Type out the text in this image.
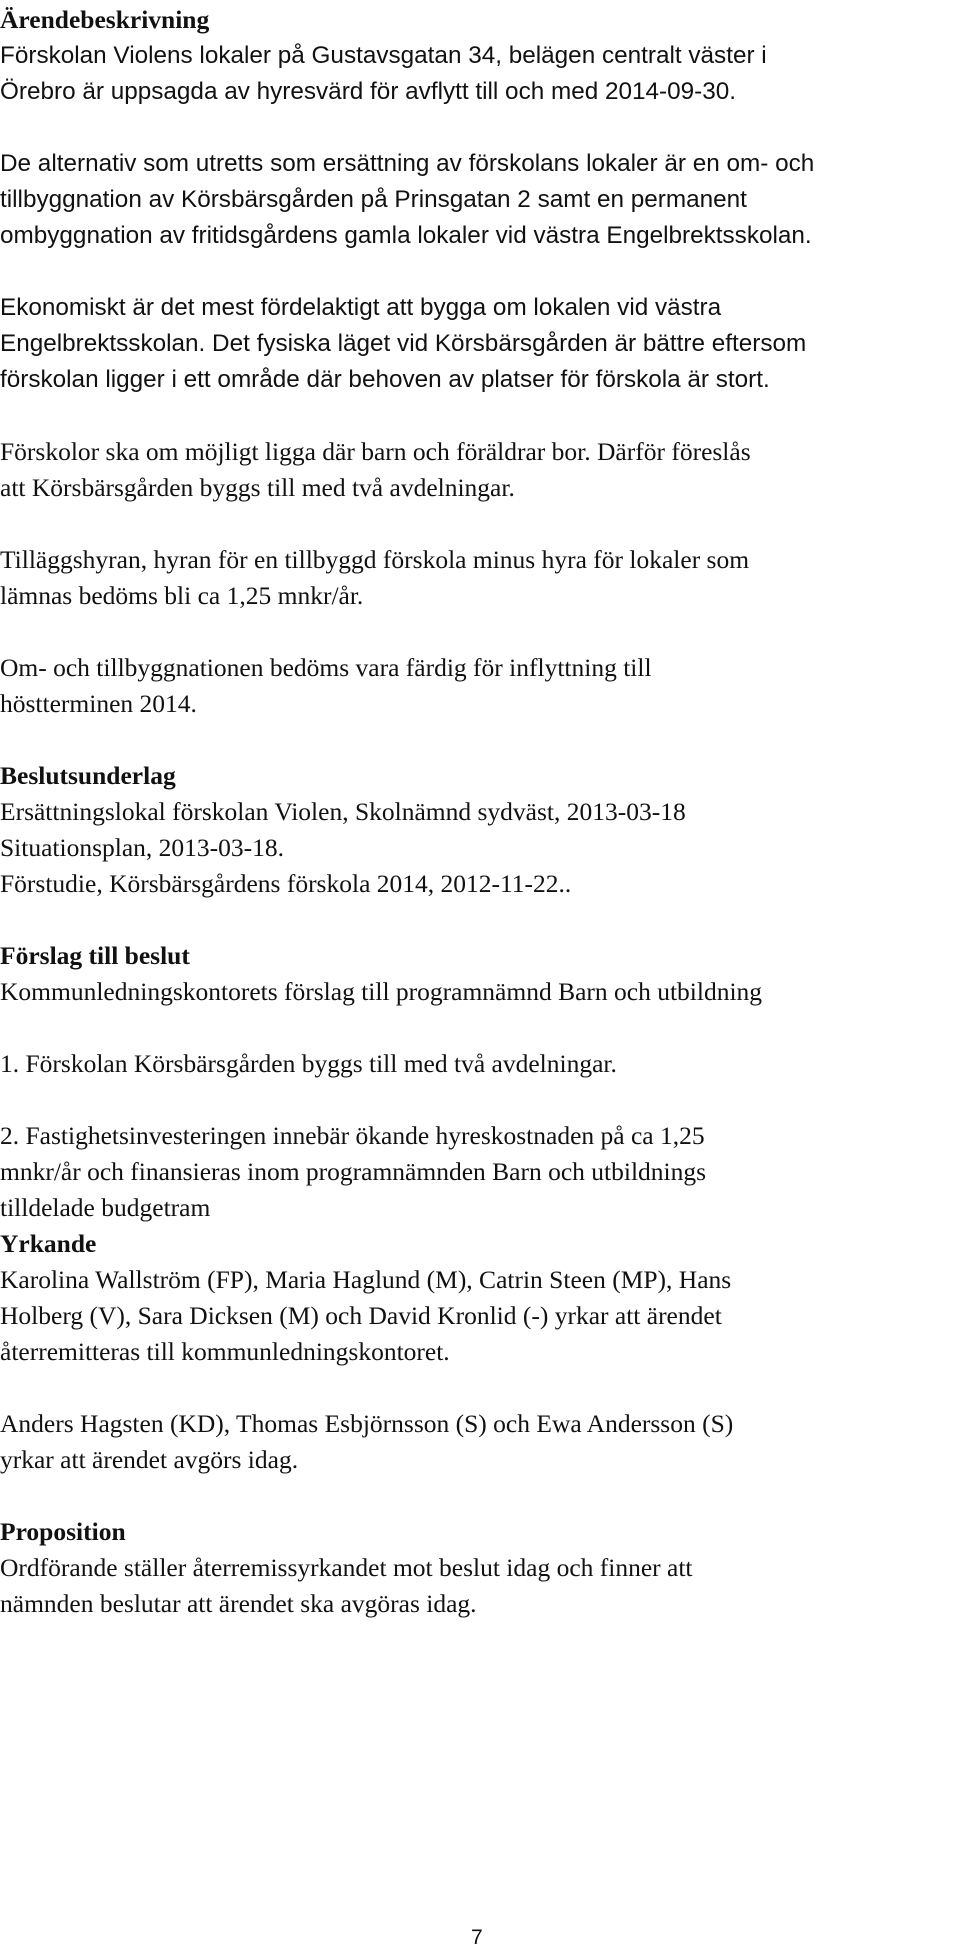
Ärendebeskrivning

Förskolan Violens lokaler på Gustavsgatan 34, belägen centralt väster i
Örebro är uppsagda av hyresvärd för avflytt till och med 2014-09-30.

De alternativ som utretts som ersättning av förskolans lokaler är en om- och
tillbyggnation av Körsbärsgården på Prinsgatan 2 samt en permanent
ombyggnation av fritidsgårdens gamla lokaler vid västra Engelbrektsskolan.

Ekonomiskt är det mest fördelaktigt att bygga om lokalen vid västra
Engelbrektsskolan. Det fysiska läget vid Körsbärsgården är bättre eftersom
förskolan ligger i ett område där behoven av platser för förskola är stort.

Förskolor ska om möjligt ligga där barn och föräldrar bor. Därför föreslås
att Körsbärsgården byggs till med två avdelningar.

Tilläggshyran, hyran för en tillbyggd förskola minus hyra för lokaler som
lämnas bedöms bli ca 1,25 mnkr/år.

Om- och tillbyggnationen bedöms vara färdig för inflyttning till
höstterminen 2014.

Beslutsunderlag

Ersättningslokal förskolan Violen, Skolnämnd sydväst, 2013-03-18
Situationsplan, 2013-03-18.
Förstudie, Körsbärsgårdens förskola 2014, 2012-11-22..

Förslag till beslut

Kommunledningskontorets förslag till programnämnd Barn och utbildning

1. Förskolan Körsbärsgården byggs till med två avdelningar.

2. Fastighetsinvesteringen innebär ökande hyreskostnaden på ca 1,25
mnkr/år och finansieras inom programnämnden Barn och utbildnings
tilldelade budgetram

Yrkande

Karolina Wallström (FP), Maria Haglund (M), Catrin Steen (MP), Hans
Holberg (V), Sara Dicksen (M) och David Kronlid (-) yrkar att ärendet
återremitteras till kommunledningskontoret.

Anders Hagsten (KD), Thomas Esbjörnsson (S) och Ewa Andersson (S)
yrkar att ärendet avgörs idag.

Proposition

Ordförande ställer återremissyrkandet mot beslut idag och finner att
nämnden beslutar att ärendet ska avgöras idag.

7
